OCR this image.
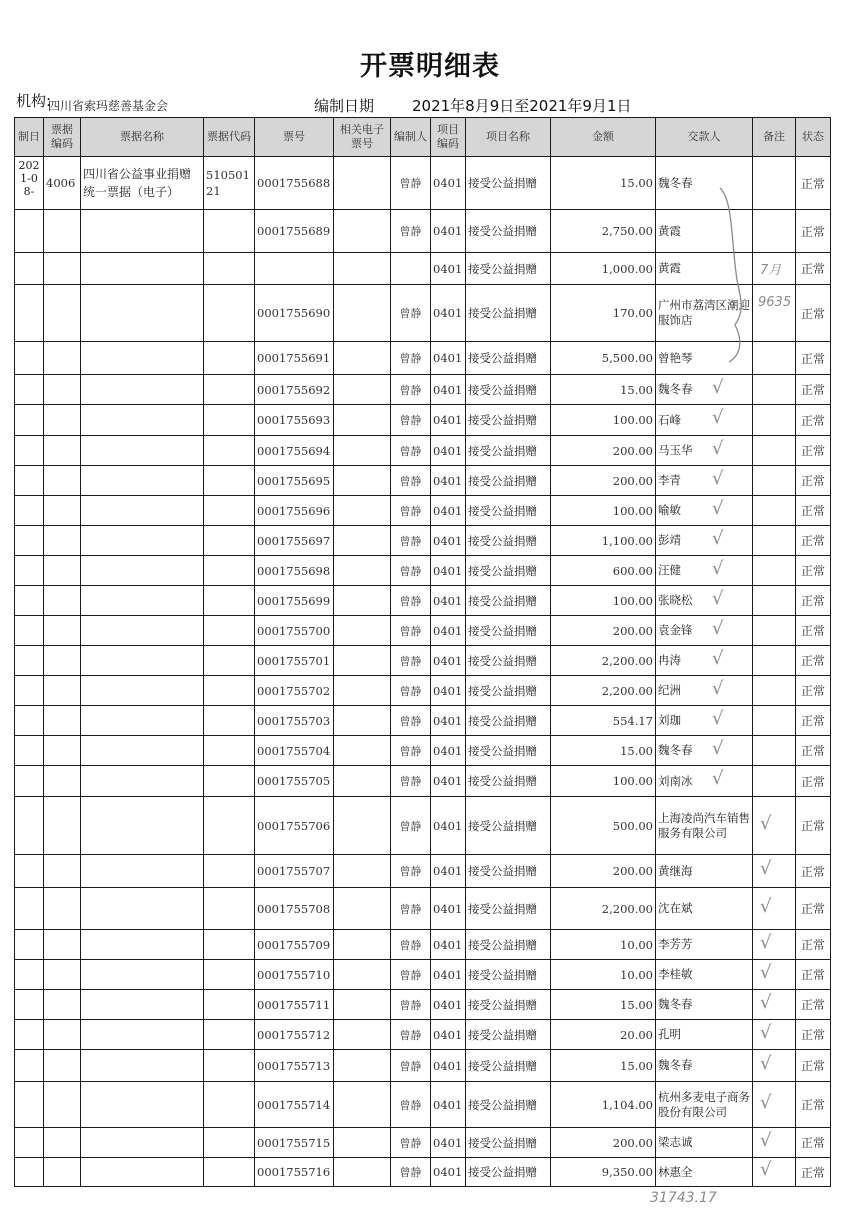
开票明细表
机构:
四川省索玛慈善基金会	编制日期	2021年8月9日至2021年9月1日
制日	票据编码	票据名称	票据代码	票号	相关电子票号	编制人	项目编码	项目名称	金额	交款人	备注	状态
2021-08-	4006	四川省公益事业捐赠统一票据（电子）	51050121	0001755688		曾静	0401	接受公益捐赠	15.00	魏冬春		正常
				0001755689		曾静	0401	接受公益捐赠	2,750.00	黄霞		正常
							0401	接受公益捐赠	1,000.00	黄霞		正常
				0001755690		曾静	0401	接受公益捐赠	170.00	广州市荔湾区潮迎服饰店		正常
				0001755691		曾静	0401	接受公益捐赠	5,500.00	曾艳琴		正常
				0001755692		曾静	0401	接受公益捐赠	15.00	魏冬春		正常
				0001755693		曾静	0401	接受公益捐赠	100.00	石峰		正常
				0001755694		曾静	0401	接受公益捐赠	200.00	马玉华		正常
				0001755695		曾静	0401	接受公益捐赠	200.00	李青		正常
				0001755696		曾静	0401	接受公益捐赠	100.00	喻敏		正常
				0001755697		曾静	0401	接受公益捐赠	1,100.00	彭靖		正常
				0001755698		曾静	0401	接受公益捐赠	600.00	汪健		正常
				0001755699		曾静	0401	接受公益捐赠	100.00	张晓松		正常
				0001755700		曾静	0401	接受公益捐赠	200.00	袁金锋		正常
				0001755701		曾静	0401	接受公益捐赠	2,200.00	冉涛		正常
				0001755702		曾静	0401	接受公益捐赠	2,200.00	纪洲		正常
				0001755703		曾静	0401	接受公益捐赠	554.17	刘珈		正常
				0001755704		曾静	0401	接受公益捐赠	15.00	魏冬春		正常
				0001755705		曾静	0401	接受公益捐赠	100.00	刘南冰		正常
				0001755706		曾静	0401	接受公益捐赠	500.00	上海凌尚汽车销售服务有限公司		正常
				0001755707		曾静	0401	接受公益捐赠	200.00	黄继海		正常
				0001755708		曾静	0401	接受公益捐赠	2,200.00	沈在斌		正常
				0001755709		曾静	0401	接受公益捐赠	10.00	李芳芳		正常
				0001755710		曾静	0401	接受公益捐赠	10.00	李桂敏		正常
				0001755711		曾静	0401	接受公益捐赠	15.00	魏冬春		正常
				0001755712		曾静	0401	接受公益捐赠	20.00	孔明		正常
				0001755713		曾静	0401	接受公益捐赠	15.00	魏冬春		正常
				0001755714		曾静	0401	接受公益捐赠	1,104.00	杭州多麦电子商务股份有限公司		正常
				0001755715		曾静	0401	接受公益捐赠	200.00	梁志诚		正常
				0001755716		曾静	0401	接受公益捐赠	9,350.00	林惠全		正常
7月
9635
31743.17
√
√
√
√
√
√
√
√
√
√
√
√
√
√
√
√
√
√
√
√
√
√
√
√
√
